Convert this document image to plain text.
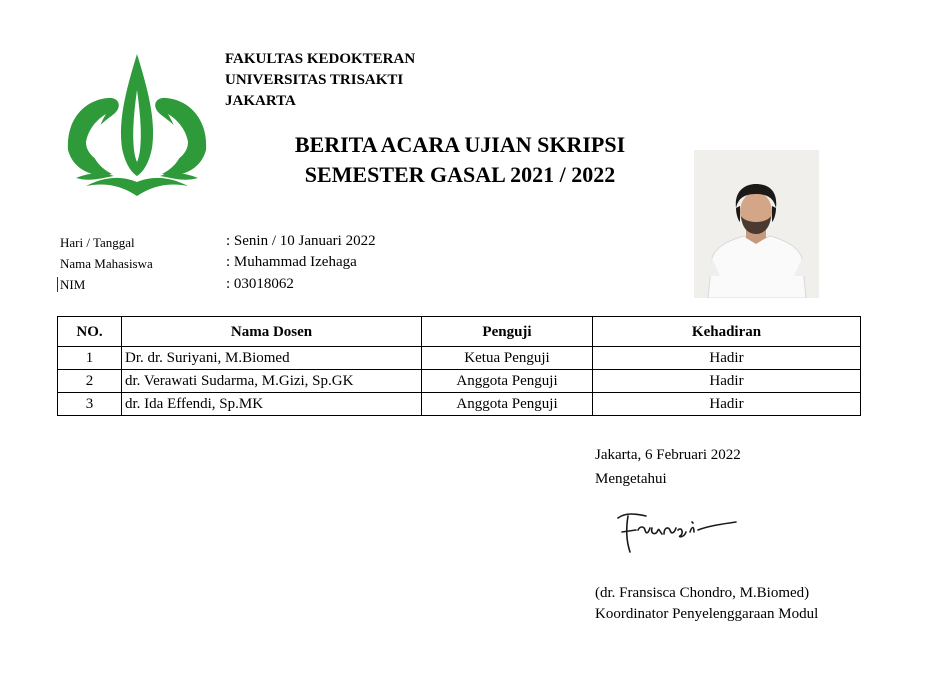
FAKULTAS KEDOKTERAN
UNIVERSITAS TRISAKTI
JAKARTA
BERITA ACARA UJIAN SKRIPSI
SEMESTER GASAL 2021 / 2022
Hari / Tanggal	: Senin / 10 Januari 2022
Nama Mahasiswa	: Muhammad Izehaga
NIM	: 03018062
NO.	Nama Dosen	Penguji	Kehadiran
1	Dr. dr. Suriyani, M.Biomed	Ketua Penguji	Hadir
2	dr. Verawati Sudarma, M.Gizi, Sp.GK	Anggota Penguji	Hadir
3	dr. Ida Effendi, Sp.MK	Anggota Penguji	Hadir
Jakarta, 6 Februari 2022
Mengetahui
(dr. Fransisca Chondro, M.Biomed)
Koordinator Penyelenggaraan Modul
